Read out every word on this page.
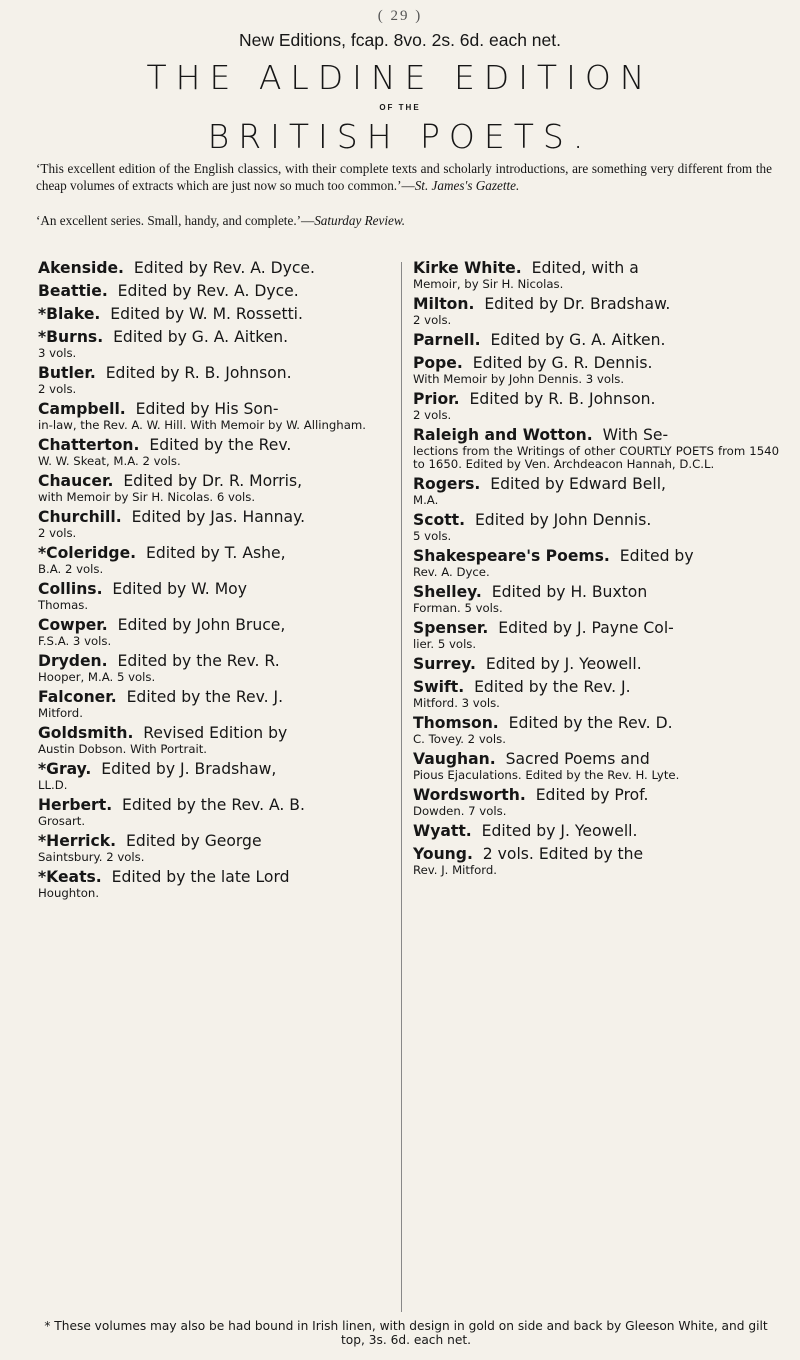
( 29 )
New Editions, fcap. 8vo. 2s. 6d. each net.
THE ALDINE EDITION
OF THE
BRITISH POETS.
‘This excellent edition of the English classics, with their complete texts and scholarly introductions, are something very different from the cheap volumes of extracts which are just now so much too common.’—St. James's Gazette.
‘An excellent series. Small, handy, and complete.’—Saturday Review.
Akenside. Edited by Rev. A. Dyce.
Beattie. Edited by Rev. A. Dyce.
*Blake. Edited by W. M. Rossetti.
*Burns. Edited by G. A. Aitken.
3 vols.
Butler. Edited by R. B. Johnson.
2 vols.
Campbell. Edited by His Son-
in-law, the Rev. A. W. Hill. With Memoir by W. Allingham.
Chatterton. Edited by the Rev.
W. W. Skeat, M.A. 2 vols.
Chaucer. Edited by Dr. R. Morris,
with Memoir by Sir H. Nicolas. 6 vols.
Churchill. Edited by Jas. Hannay.
2 vols.
*Coleridge. Edited by T. Ashe,
B.A. 2 vols.
Collins. Edited by W. Moy
Thomas.
Cowper. Edited by John Bruce,
F.S.A. 3 vols.
Dryden. Edited by the Rev. R.
Hooper, M.A. 5 vols.
Falconer. Edited by the Rev. J.
Mitford.
Goldsmith. Revised Edition by
Austin Dobson. With Portrait.
*Gray. Edited by J. Bradshaw,
LL.D.
Herbert. Edited by the Rev. A. B.
Grosart.
*Herrick. Edited by George
Saintsbury. 2 vols.
*Keats. Edited by the late Lord
Houghton.
Kirke White. Edited, with a
Memoir, by Sir H. Nicolas.
Milton. Edited by Dr. Bradshaw.
2 vols.
Parnell. Edited by G. A. Aitken.
Pope. Edited by G. R. Dennis.
With Memoir by John Dennis. 3 vols.
Prior. Edited by R. B. Johnson.
2 vols.
Raleigh and Wotton. With Se-
lections from the Writings of other COURTLY POETS from 1540 to 1650. Edited by Ven. Archdeacon Hannah, D.C.L.
Rogers. Edited by Edward Bell,
M.A.
Scott. Edited by John Dennis.
5 vols.
Shakespeare's Poems. Edited by
Rev. A. Dyce.
Shelley. Edited by H. Buxton
Forman. 5 vols.
Spenser. Edited by J. Payne Col-
lier. 5 vols.
Surrey. Edited by J. Yeowell.
Swift. Edited by the Rev. J.
Mitford. 3 vols.
Thomson. Edited by the Rev. D.
C. Tovey. 2 vols.
Vaughan. Sacred Poems and
Pious Ejaculations. Edited by the Rev. H. Lyte.
Wordsworth. Edited by Prof.
Dowden. 7 vols.
Wyatt. Edited by J. Yeowell.
Young. 2 vols. Edited by the
Rev. J. Mitford.
* These volumes may also be had bound in Irish linen, with design in gold on side and back by Gleeson White, and gilt top, 3s. 6d. each net.
